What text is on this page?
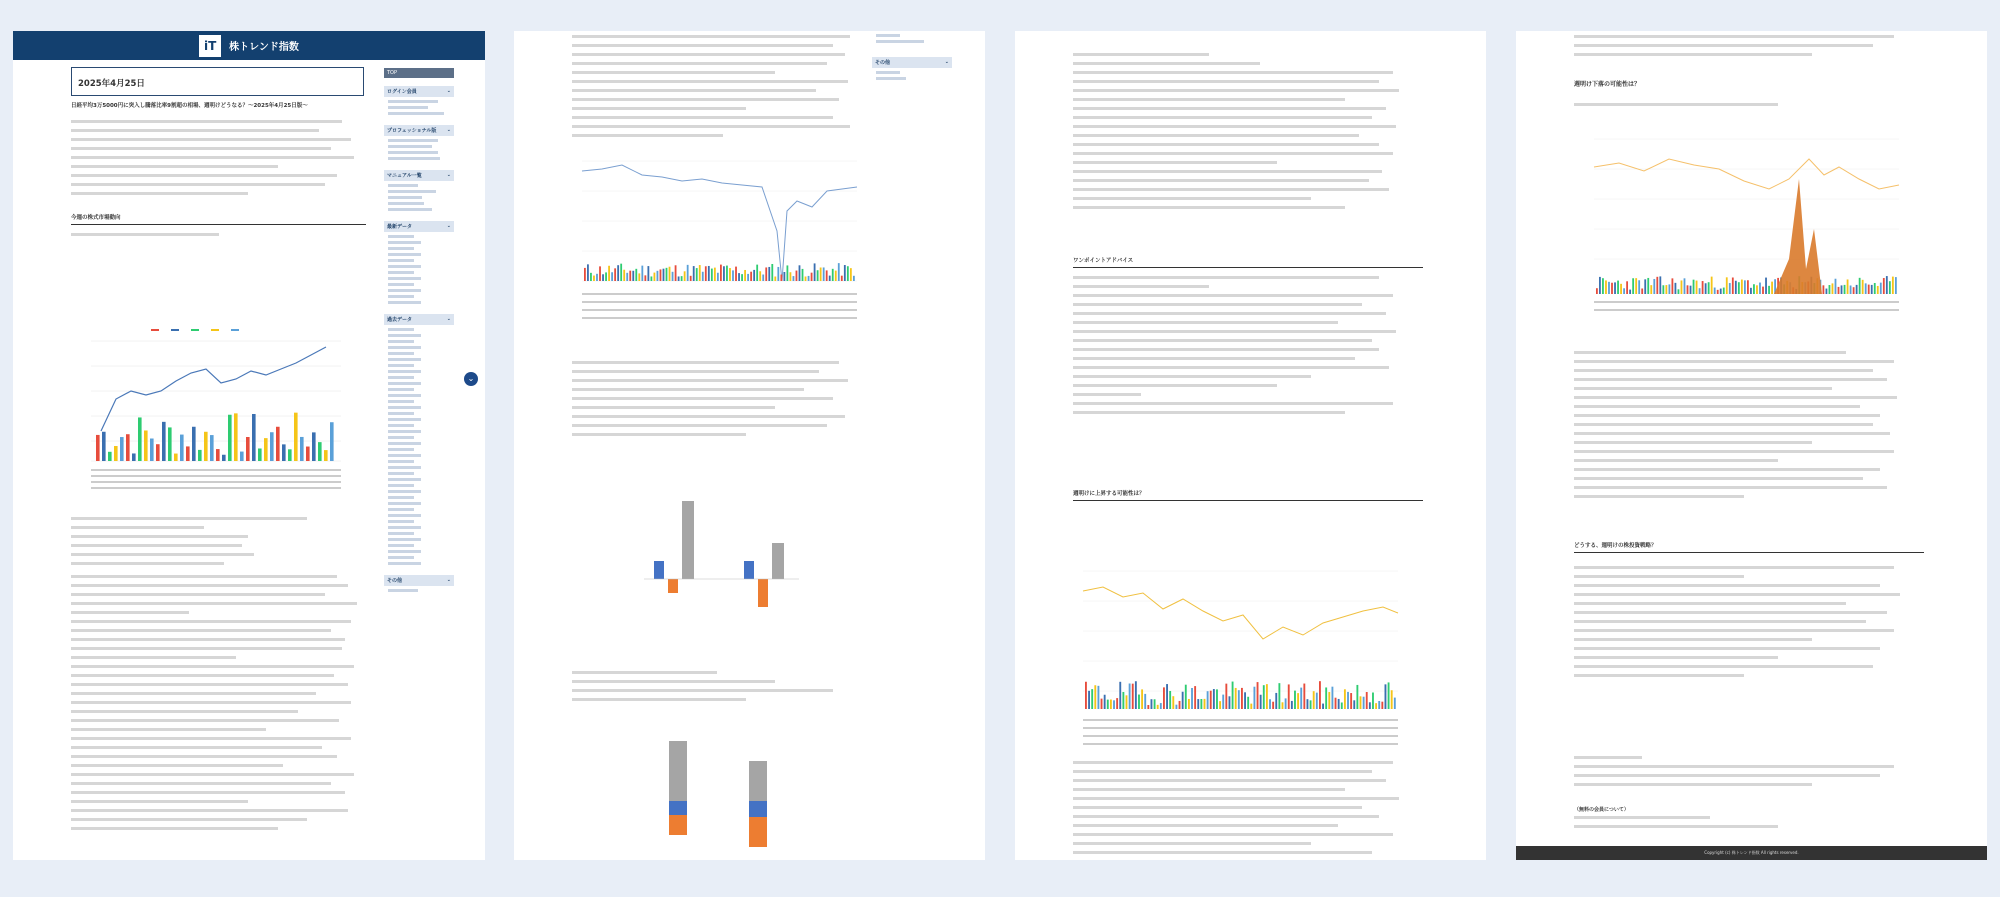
iT	株トレンド指数
2025年4月25日
日経平均3万5000円に突入し騰落比率9割超の相場、週明けどうなる？～2025年4月25日版～
今週の株式市場動向
TOP
ログイン会員	⌄
プロフェッショナル版 ⌄
マニュアル一覧	⌄
最新データ	⌄
過去データ	⌄
その他	⌄
⌄
その他	⌄
ワンポイントアドバイス
週明けに上昇する可能性は？
週明け下落の可能性は？
どうする、週明けの株投資戦略？
（無料の会員について）
Copyright (c) 株トレンド指数 All rights reserved.
